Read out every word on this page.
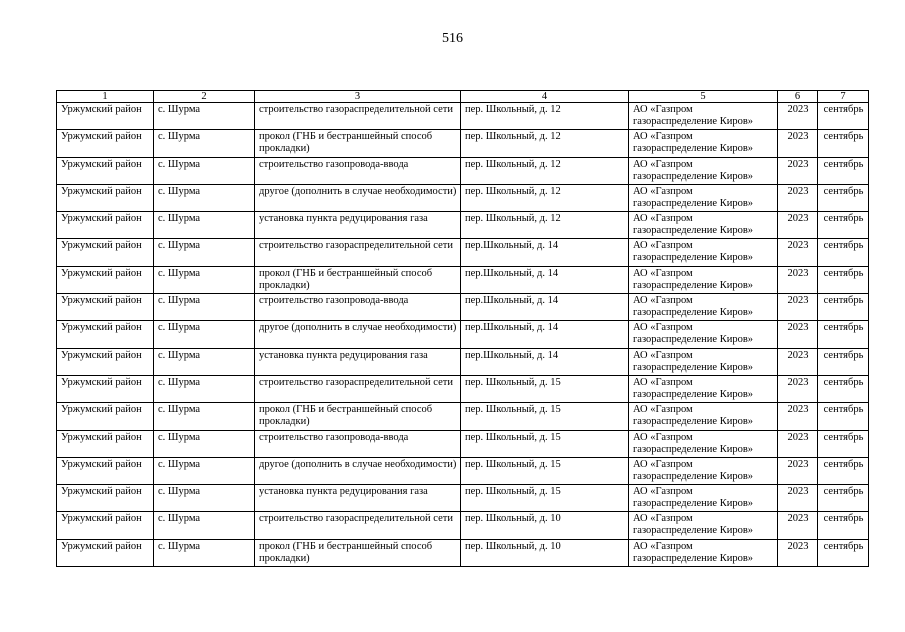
516
1	2	3	4	5	6	7
Уржумский район	с. Шурма	строительство газораспределительной сети	пер. Школьный, д. 12	АО «Газпром газораспределение Киров»	2023	сентябрь
Уржумский район	с. Шурма	прокол (ГНБ и бестраншейный способ прокладки)	пер. Школьный, д. 12	АО «Газпром газораспределение Киров»	2023	сентябрь
Уржумский район	с. Шурма	строительство газопровода-ввода	пер. Школьный, д. 12	АО «Газпром газораспределение Киров»	2023	сентябрь
Уржумский район	с. Шурма	другое (дополнить в случае необходимости)	пер. Школьный, д. 12	АО «Газпром газораспределение Киров»	2023	сентябрь
Уржумский район	с. Шурма	установка пункта редуцирования газа	пер. Школьный, д. 12	АО «Газпром газораспределение Киров»	2023	сентябрь
Уржумский район	с. Шурма	строительство газораспределительной сети	пер.Школьный, д. 14	АО «Газпром газораспределение Киров»	2023	сентябрь
Уржумский район	с. Шурма	прокол (ГНБ и бестраншейный способ прокладки)	пер.Школьный, д. 14	АО «Газпром газораспределение Киров»	2023	сентябрь
Уржумский район	с. Шурма	строительство газопровода-ввода	пер.Школьный, д. 14	АО «Газпром газораспределение Киров»	2023	сентябрь
Уржумский район	с. Шурма	другое (дополнить в случае необходимости)	пер.Школьный, д. 14	АО «Газпром газораспределение Киров»	2023	сентябрь
Уржумский район	с. Шурма	установка пункта редуцирования газа	пер.Школьный, д. 14	АО «Газпром газораспределение Киров»	2023	сентябрь
Уржумский район	с. Шурма	строительство газораспределительной сети	пер. Школьный, д. 15	АО «Газпром газораспределение Киров»	2023	сентябрь
Уржумский район	с. Шурма	прокол (ГНБ и бестраншейный способ прокладки)	пер. Школьный, д. 15	АО «Газпром газораспределение Киров»	2023	сентябрь
Уржумский район	с. Шурма	строительство газопровода-ввода	пер. Школьный, д. 15	АО «Газпром газораспределение Киров»	2023	сентябрь
Уржумский район	с. Шурма	другое (дополнить в случае необходимости)	пер. Школьный, д. 15	АО «Газпром газораспределение Киров»	2023	сентябрь
Уржумский район	с. Шурма	установка пункта редуцирования газа	пер. Школьный, д. 15	АО «Газпром газораспределение Киров»	2023	сентябрь
Уржумский район	с. Шурма	строительство газораспределительной сети	пер. Школьный, д. 10	АО «Газпром газораспределение Киров»	2023	сентябрь
Уржумский район	с. Шурма	прокол (ГНБ и бестраншейный способ прокладки)	пер. Школьный, д. 10	АО «Газпром газораспределение Киров»	2023	сентябрь
